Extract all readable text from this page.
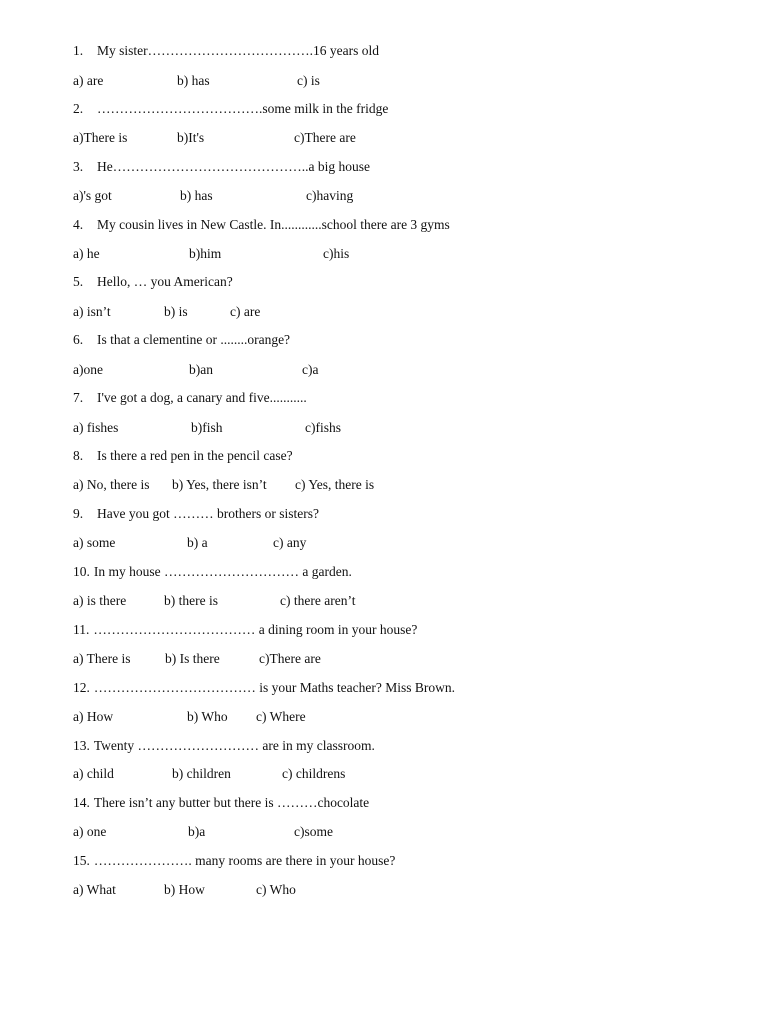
1. My sister……………………………….16 years old
a) are	b) has	c) is
2. ……………………………….some milk in the fridge
a)There is	b)It's	c)There are
3. He……………………………………..a big house
a)'s got	b) has	c)having
4. My cousin lives in New Castle. In............school there are 3 gyms
a) he	b)him	c)his
5. Hello, … you American?
a) isn’t	b) is	c) are
6. Is that a clementine or ........orange?
a)one	b)an	c)a
7. I've got a dog, a canary and five...........
a) fishes	b)fish	c)fishs
8. Is there a red pen in the pencil case?
a) No, there is b) Yes, there isn’t c) Yes, there is
9. Have you got ……… brothers or sisters?
a) some	b) a	c) any
10. In my house ………………………… a garden.
a) is there	b) there is	c) there aren’t
11. ……………………………… a dining room in your house?
a) There is	b) Is there	c)There are
12. ……………………………… is your Maths teacher? Miss Brown.
a) How	b) Who c) Where
13. Twenty ……………………… are in my classroom.
a) child	b) children	c) childrens
14. There isn’t any butter but there is ………chocolate
a) one	b)a	c)some
15. …………………. many rooms are there in your house?
a) What	b) How	c) Who
